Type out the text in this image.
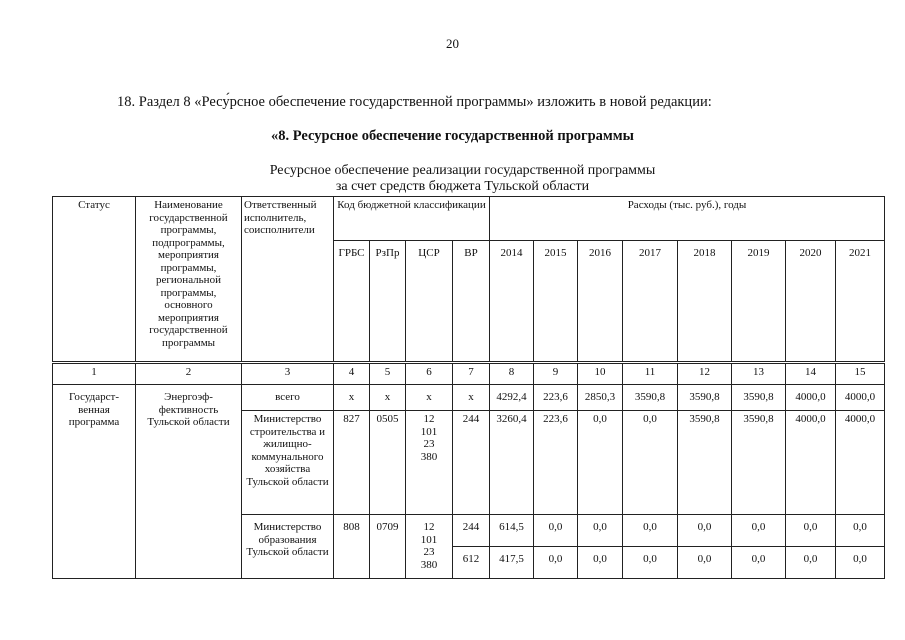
20
18. Раздел 8 «Ресу́рсное обеспечение государственной программы» изложить в новой редакции:
«8. Ресурсное обеспечение государственной программы
Ресурсное обеспечение реализации государственной программы
за счет средств бюджета Тульской области
Статус	Наименование государственной программы, подпрограммы, мероприятия программы, региональной программы, основного мероприятия государственной программы	Ответственный исполнитель, соисполнители	Код бюджетной классификации				Расходы (тыс. руб.), годы							
			ГРБС	РзПр	ЦСР	ВР	2014	2015	2016	2017	2018	2019	2020	2021
1	2	3	4	5	6	7	8	9	10	11	12	13	14	15
Государст-венная программа	Энергоэф-фективность Тульской области	всего	х	х	х	х	4292,4	223,6	2850,3	3590,8	3590,8	3590,8	4000,0	4000,0
		Министерство строительства и жилищно-коммунального хозяйства Тульской области	827	0505	12 101 23 380	244	3260,4	223,6	0,0	0,0	3590,8	3590,8	4000,0	4000,0
		Министерство образования Тульской области	808	0709	12 101 23 380	244	614,5	0,0	0,0	0,0	0,0	0,0	0,0	0,0
						612	417,5	0,0	0,0	0,0	0,0	0,0	0,0	0,0
